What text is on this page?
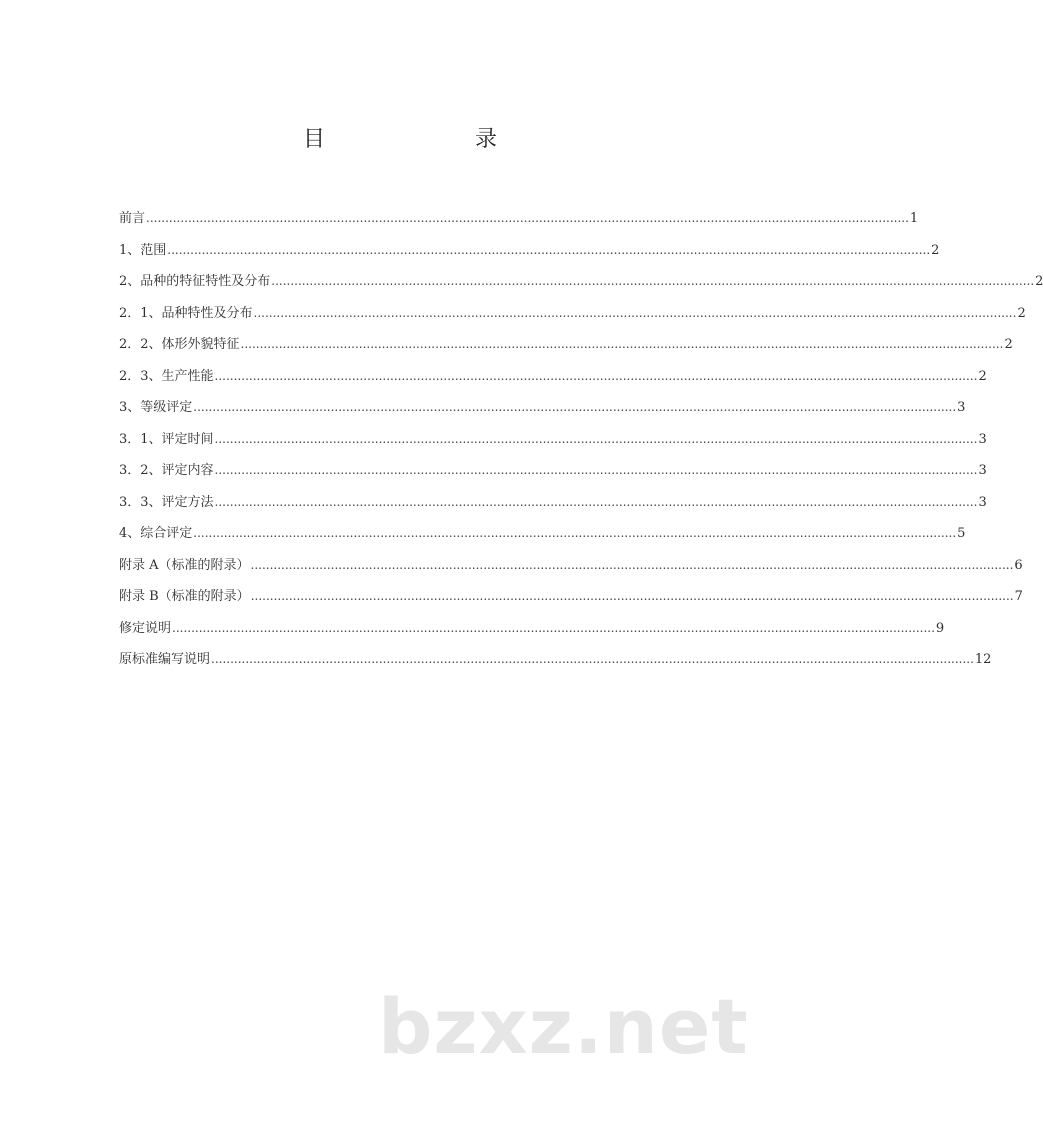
目　录
前言 ........................................................................................................................................................................................................ 1
1、范围 ........................................................................................................................................................................................................ 2
2、品种的特征特性及分布 ........................................................................................................................................................................................................ 2
2．1、品种特性及分布 ........................................................................................................................................................................................................ 2
2．2、体形外貌特征 ........................................................................................................................................................................................................ 2
2．3、生产性能 ........................................................................................................................................................................................................ 2
3、等级评定 ........................................................................................................................................................................................................ 3
3．1、评定时间 ........................................................................................................................................................................................................ 3
3．2、评定内容 ........................................................................................................................................................................................................ 3
3．3、评定方法 ........................................................................................................................................................................................................ 3
4、综合评定 ........................................................................................................................................................................................................ 5
附录 A（标准的附录） ........................................................................................................................................................................................................ 6
附录 B（标准的附录） ........................................................................................................................................................................................................ 7
修定说明 ........................................................................................................................................................................................................ 9
原标准编写说明 ........................................................................................................................................................................................................ 12
bzxz.net
